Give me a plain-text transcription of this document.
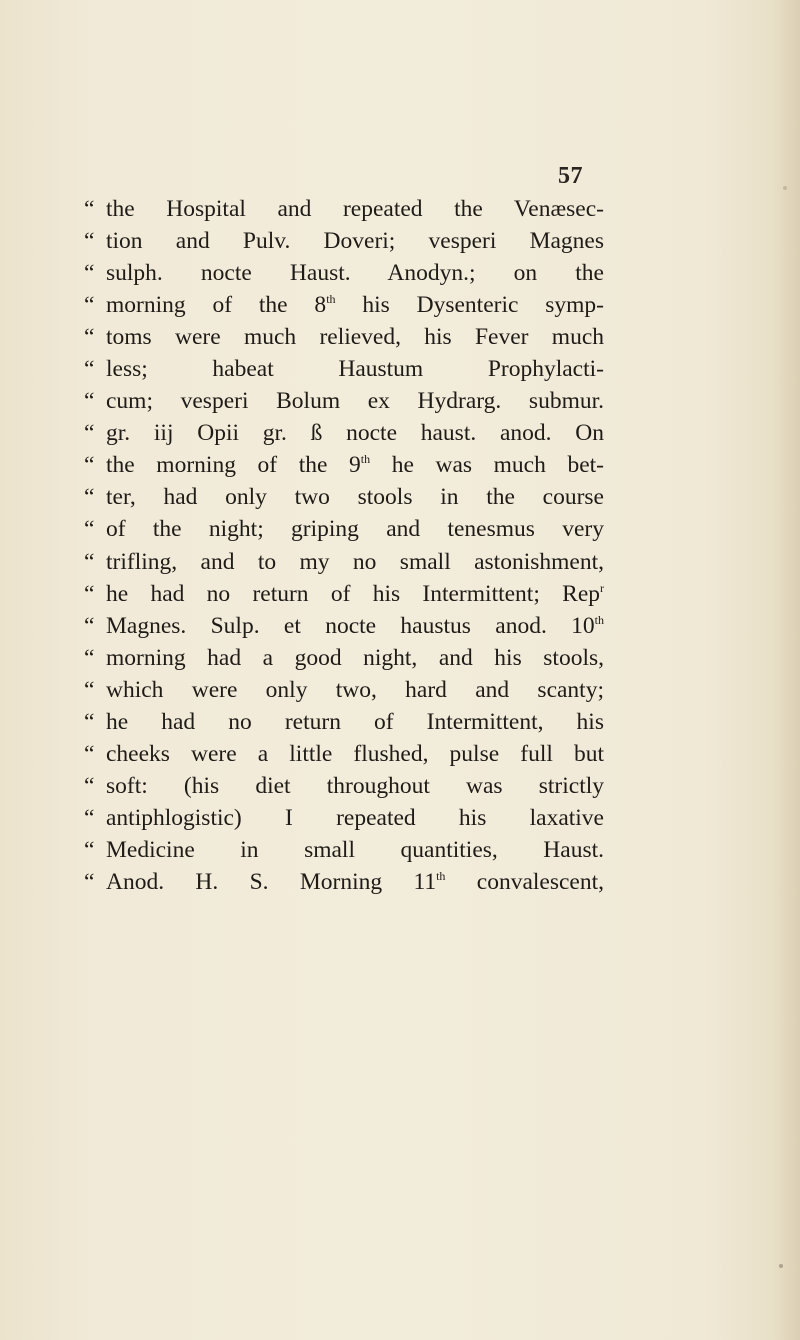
57
“ the Hospital and repeated the Venæsec-
“ tion and Pulv. Doveri; vesperi Magnes
“ sulph. nocte Haust. Anodyn.; on the
“ morning of the 8th his Dysenteric symp-
“ toms were much relieved, his Fever much
“ less; habeat Haustum Prophylacti-
“ cum; vesperi Bolum ex Hydrarg. submur.
“ gr. iij Opii gr. ß nocte haust. anod. On
“ the morning of the 9th he was much bet-
“ ter, had only two stools in the course
“ of the night; griping and tenesmus very
“ trifling, and to my no small astonishment,
“ he had no return of his Intermittent; Rep$^r$
“ Magnes. Sulp. et nocte haustus anod. 10th
“ morning had a good night, and his stools,
“ which were only two, hard and scanty;
“ he had no return of Intermittent, his
“ cheeks were a little flushed, pulse full but
“ soft: (his diet throughout was strictly
“ antiphlogistic) I repeated his laxative
“ Medicine in small quantities, Haust.
“ Anod. H. S. Morning 11th convalescent,
